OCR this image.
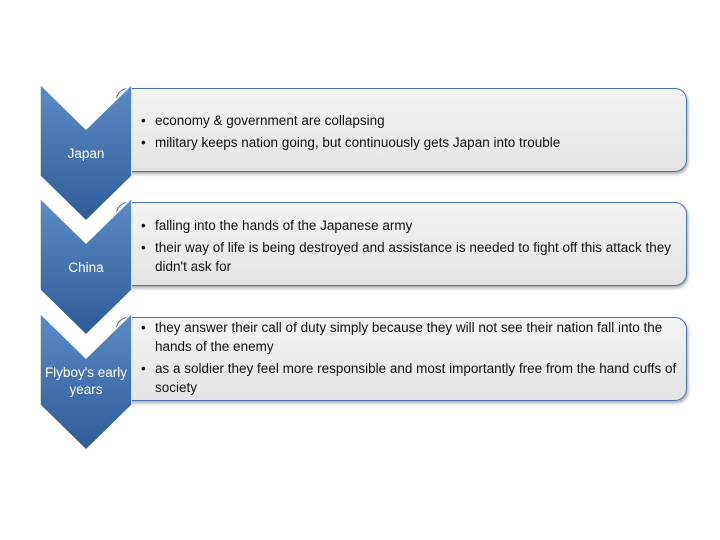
Japan
• economy & government are collapsing
• military keeps nation going, but continuously gets Japan into trouble
China
• falling into the hands of the Japanese army
• their way of life is being destroyed and assistance is needed to fight off this attack they didn't ask for
Flyboy's early years
• they answer their call of duty simply because they will not see their nation fall into the hands of the enemy
• as a soldier they feel more responsible and most importantly free from the hand cuffs of society
